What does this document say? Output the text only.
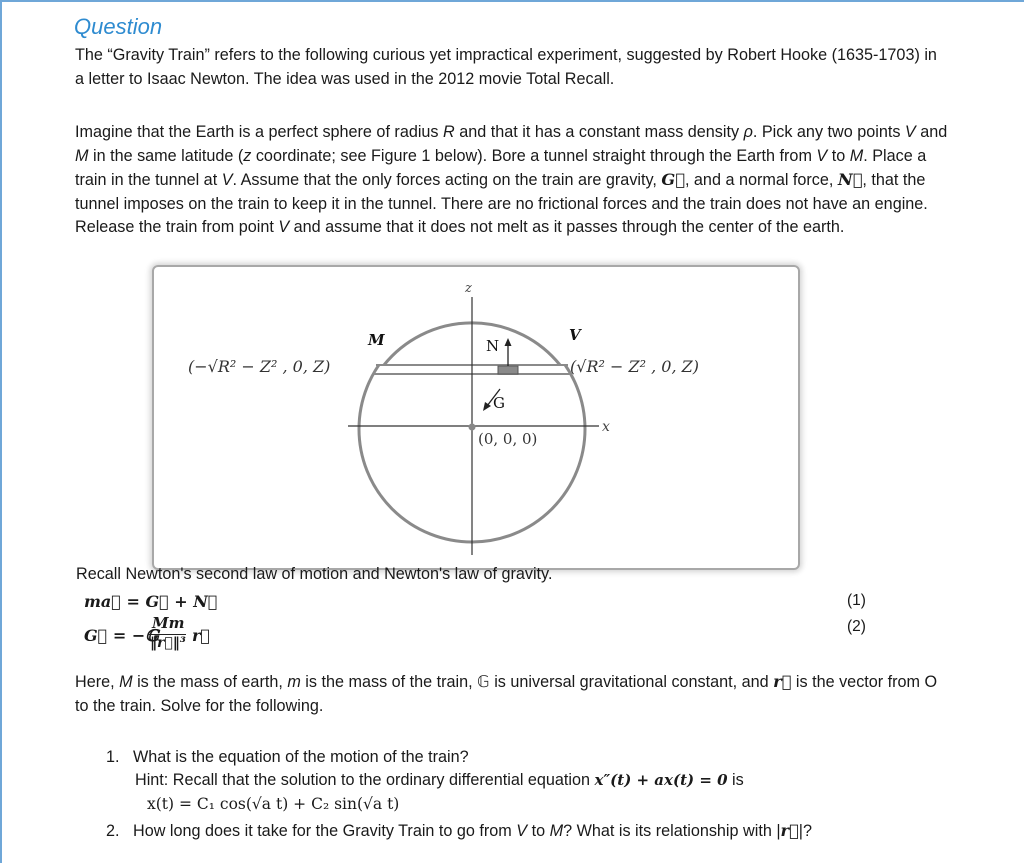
Question
The “Gravity Train” refers to the following curious yet impractical experiment, suggested by Robert Hooke (1635-1703) in a letter to Isaac Newton. The idea was used in the 2012 movie Total Recall.
Imagine that the Earth is a perfect sphere of radius R and that it has a constant mass density ρ. Pick any two points V and M in the same latitude (z coordinate; see Figure 1 below). Bore a tunnel straight through the Earth from V to M. Place a train in the tunnel at V. Assume that the only forces acting on the train are gravity, G⃗, and a normal force, N⃗, that the tunnel imposes on the train to keep it in the tunnel. There are no frictional forces and the train does not have an engine. Release the train from point V and assume that it does not melt as it passes through the center of the earth.
z
x
M	V
N
G
(−√R² − Z² , 0, Z)	(√R² − Z² , 0, Z)
(0, 0, 0)
Recall Newton's second law of motion and Newton's law of gravity.
ma⃗ = G⃗ + N⃗	(1)
G⃗ = −𝔾
Mm
‖r⃗‖³ r⃗	(2)
Here, M is the mass of earth, m is the mass of the train, 𝔾 is universal gravitational constant, and r⃗ is the vector from O to the train. Solve for the following.
1. What is the equation of the motion of the train?
Hint: Recall that the solution to the ordinary differential equation x″(t) + ax(t) = 0 is
x(t) = C₁ cos(√a t) + C₂ sin(√a t)
2. How long does it take for the Gravity Train to go from V to M? What is its relationship with |r⃗|?
